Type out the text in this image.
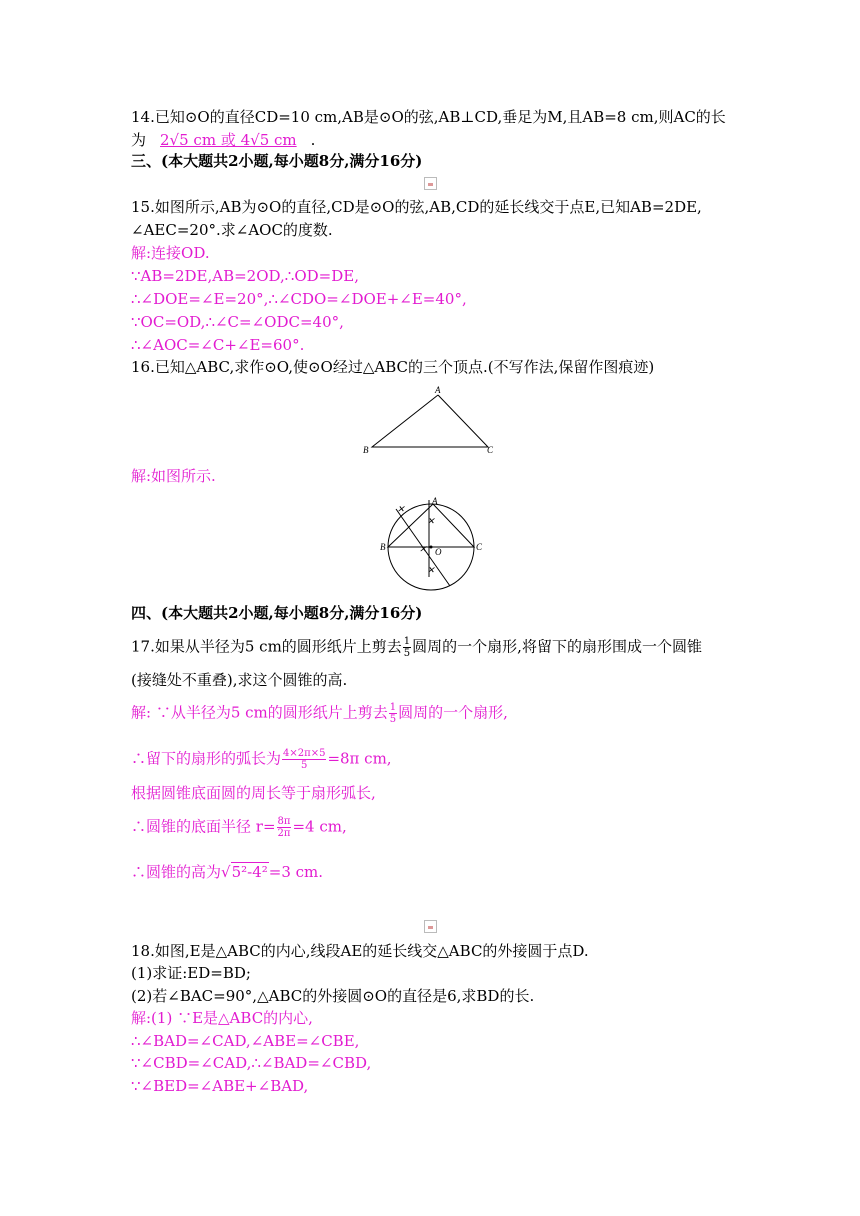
14.已知⊙O的直径CD=10 cm,AB是⊙O的弦,AB⊥CD,垂足为M,且AB=8 cm,则AC的长
为 2√5 cm 或 4√5 cm .
三、(本大题共2小题,每小题8分,满分16分)
15.如图所示,AB为⊙O的直径,CD是⊙O的弦,AB,CD的延长线交于点E,已知AB=2DE,
∠AEC=20°.求∠AOC的度数.
解:连接OD.
∵AB=2DE,AB=2OD,∴OD=DE,
∴∠DOE=∠E=20°,∴∠CDO=∠DOE+∠E=40°,
∵OC=OD,∴∠C=∠ODC=40°,
∴∠AOC=∠C+∠E=60°.
16.已知△ABC,求作⊙O,使⊙O经过△ABC的三个顶点.(不写作法,保留作图痕迹)
A
B	C
解:如图所示.
✕
✕
✕
✕
A
B	C
O
四、(本大题共2小题,每小题8分,满分16分)
17.如果从半径为5 cm的圆形纸片上剪去 $\frac{1}{5}$ 圆周的一个扇形,将留下的扇形围成一个圆锥
(接缝处不重叠),求这个圆锥的高.
解: ∵从半径为5 cm的圆形纸片上剪去 $\frac{1}{5}$ 圆周的一个扇形,
∴留下的扇形的弧长为 $\frac{4\times 2\pi\times 5}{5} =8\pi$ cm,
根据圆锥底面圆的周长等于扇形弧长,
∴圆锥的底面半径 $r= \frac{8\pi}{2\pi} =4$ cm,
∴圆锥的高为√5²-4²=3 cm.
18.如图,E是△ABC的内心,线段AE的延长线交△ABC的外接圆于点D.
(1)求证:ED=BD;
(2)若∠BAC=90°,△ABC的外接圆⊙O的直径是6,求BD的长.
解:(1) ∵E是△ABC的内心,
∴∠BAD=∠CAD,∠ABE=∠CBE,
∵∠CBD=∠CAD,∴∠BAD=∠CBD,
∵∠BED=∠ABE+∠BAD,
